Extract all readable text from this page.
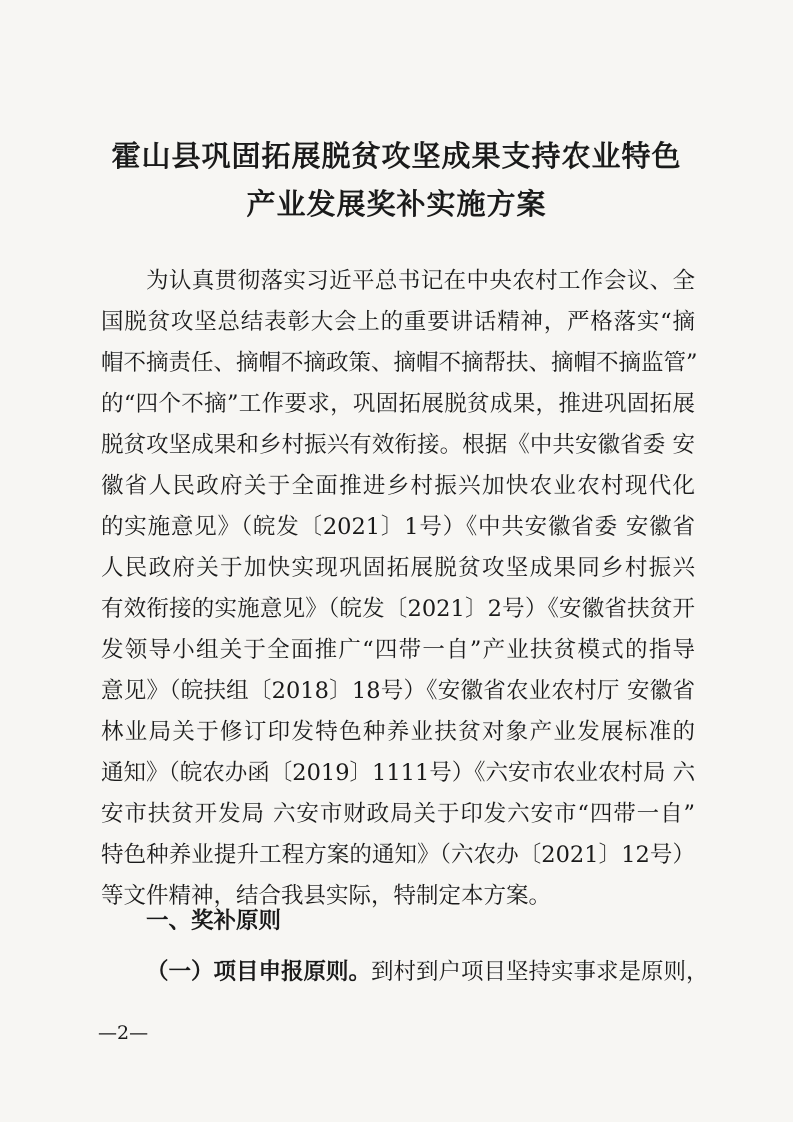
霍山县巩固拓展脱贫攻坚成果支持农业特色
产业发展奖补实施方案
为认真贯彻落实习近平总书记在中央农村工作会议、全
国脱贫攻坚总结表彰大会上的重要讲话精神，严格落实“摘
帽不摘责任、摘帽不摘政策、摘帽不摘帮扶、摘帽不摘监管”
的“四个不摘”工作要求，巩固拓展脱贫成果，推进巩固拓展
脱贫攻坚成果和乡村振兴有效衔接。根据《中共安徽省委 安
徽省人民政府关于全面推进乡村振兴加快农业农村现代化
的实施意见》（皖发〔2021〕1号）《中共安徽省委 安徽省
人民政府关于加快实现巩固拓展脱贫攻坚成果同乡村振兴
有效衔接的实施意见》（皖发〔2021〕2号）《安徽省扶贫开
发领导小组关于全面推广“四带一自”产业扶贫模式的指导
意见》（皖扶组〔2018〕18号）《安徽省农业农村厅 安徽省
林业局关于修订印发特色种养业扶贫对象产业发展标准的
通知》（皖农办函〔2019〕1111号）《六安市农业农村局 六
安市扶贫开发局 六安市财政局关于印发六安市“四带一自”
特色种养业提升工程方案的通知》（六农办〔2021〕12号）
等文件精神，结合我县实际，特制定本方案。
一、奖补原则
（一）项目申报原则。到村到户项目坚持实事求是原则，
—2—
